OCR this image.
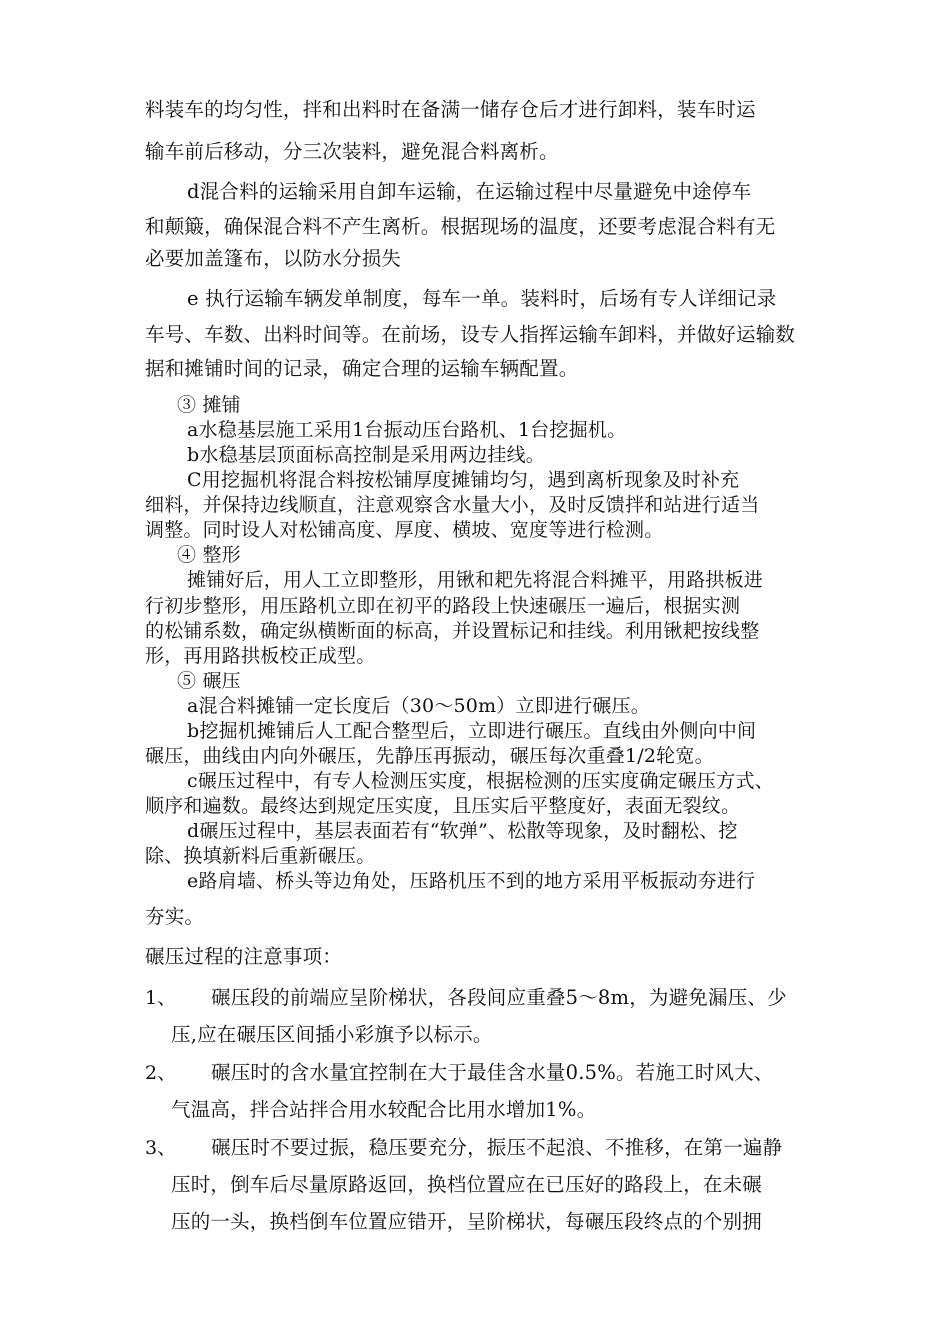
料装车的均匀性，拌和出料时在备满一储存仓后才进行卸料，装车时运
输车前后移动，分三次装料，避免混合料离析。
d混合料的运输采用自卸车运输，在运输过程中尽量避免中途停车
和颠簸，确保混合料不产生离析。根据现场的温度，还要考虑混合料有无
必要加盖篷布，以防水分损失
e 执行运输车辆发单制度，每车一单。装料时，后场有专人详细记录
车号、车数、出料时间等。在前场，设专人指挥运输车卸料，并做好运输数
据和摊铺时间的记录，确定合理的运输车辆配置。
③ 摊铺
a水稳基层施工采用1台振动压台路机、1台挖掘机。
b水稳基层顶面标高控制是采用两边挂线。
C用挖掘机将混合料按松铺厚度摊铺均匀，遇到离析现象及时补充
细料，并保持边线顺直，注意观察含水量大小，及时反馈拌和站进行适当
调整。同时设人对松铺高度、厚度、横坡、宽度等进行检测。
④ 整形
摊铺好后，用人工立即整形，用锹和耙先将混合料摊平，用路拱板进
行初步整形，用压路机立即在初平的路段上快速碾压一遍后，根据实测
的松铺系数，确定纵横断面的标高，并设置标记和挂线。利用锹耙按线整
形，再用路拱板校正成型。
⑤ 碾压
a混合料摊铺一定长度后（30～50m）立即进行碾压。
b挖掘机摊铺后人工配合整型后，立即进行碾压。直线由外侧向中间
碾压，曲线由内向外碾压，先静压再振动，碾压每次重叠1/2轮宽。
c碾压过程中，有专人检测压实度，根据检测的压实度确定碾压方式、
顺序和遍数。最终达到规定压实度，且压实后平整度好，表面无裂纹。
d碾压过程中，基层表面若有“软弹”、松散等现象，及时翻松、挖
除、换填新料后重新碾压。
e路肩墙、桥头等边角处，压路机压不到的地方采用平板振动夯进行
夯实。
碾压过程的注意事项：
1、 碾压段的前端应呈阶梯状，各段间应重叠5～8m，为避免漏压、少
压,应在碾压区间插小彩旗予以标示。
2、 碾压时的含水量宜控制在大于最佳含水量0.5%。若施工时风大、
气温高，拌合站拌合用水较配合比用水增加1%。
3、 碾压时不要过振，稳压要充分，振压不起浪、不推移，在第一遍静
压时，倒车后尽量原路返回，换档位置应在已压好的路段上，在未碾
压的一头，换档倒车位置应错开，呈阶梯状，每碾压段终点的个别拥
